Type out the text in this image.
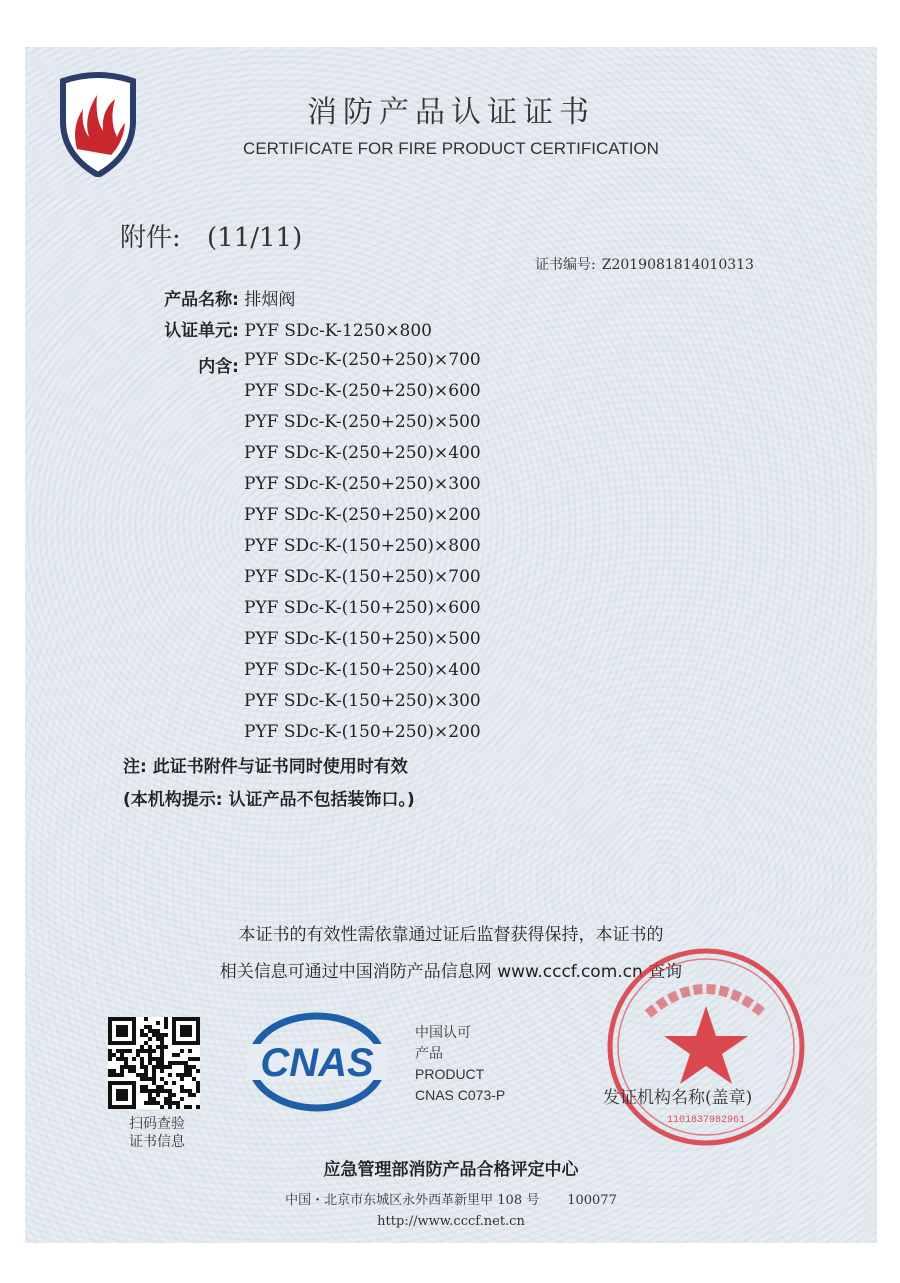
消防产品认证证书
CERTIFICATE FOR FIRE PRODUCT CERTIFICATION
附件: (11/11)
证书编号: Z2019081814010313
产品名称: 排烟阀
认证单元: PYF SDc-K-1250×800
内含: PYF SDc-K-(250+250)×700
PYF SDc-K-(250+250)×600
PYF SDc-K-(250+250)×500
PYF SDc-K-(250+250)×400
PYF SDc-K-(250+250)×300
PYF SDc-K-(250+250)×200
PYF SDc-K-(150+250)×800
PYF SDc-K-(150+250)×700
PYF SDc-K-(150+250)×600
PYF SDc-K-(150+250)×500
PYF SDc-K-(150+250)×400
PYF SDc-K-(150+250)×300
PYF SDc-K-(150+250)×200
注: 此证书附件与证书同时使用时有效
(本机构提示: 认证产品不包括装饰口。)
本证书的有效性需依靠通过证后监督获得保持，本证书的
相关信息可通过中国消防产品信息网 www.cccf.com.cn 查询
扫码查验
证书信息
CNAS
中国认可
产品
PRODUCT
CNAS C073-P
1101837982961
发证机构名称(盖章)
应急管理部消防产品合格评定中心
中国・北京市东城区永外西革新里甲 108 号 100077
http://www.cccf.net.cn
